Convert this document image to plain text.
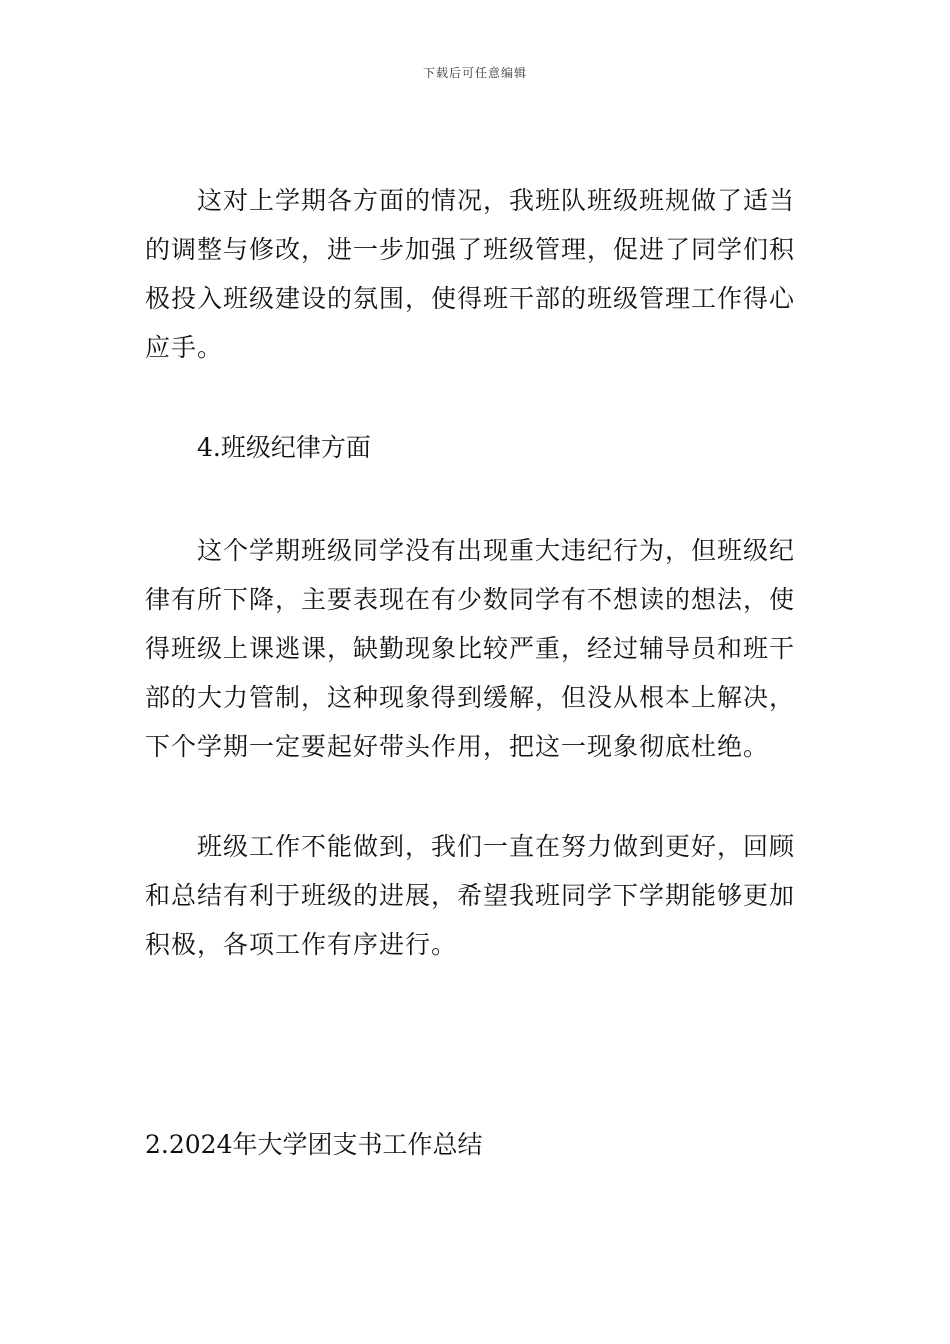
下载后可任意编辑

这对上学期各方面的情况，我班队班级班规做了适当的调整与修改，进一步加强了班级管理，促进了同学们积极投入班级建设的氛围，使得班干部的班级管理工作得心应手。

4.班级纪律方面

这个学期班级同学没有出现重大违纪行为，但班级纪律有所下降，主要表现在有少数同学有不想读的想法，使得班级上课逃课，缺勤现象比较严重，经过辅导员和班干部的大力管制，这种现象得到缓解，但没从根本上解决，下个学期一定要起好带头作用，把这一现象彻底杜绝。

班级工作不能做到，我们一直在努力做到更好，回顾和总结有利于班级的进展，希望我班同学下学期能够更加积极，各项工作有序进行。

2.2024年大学团支书工作总结
